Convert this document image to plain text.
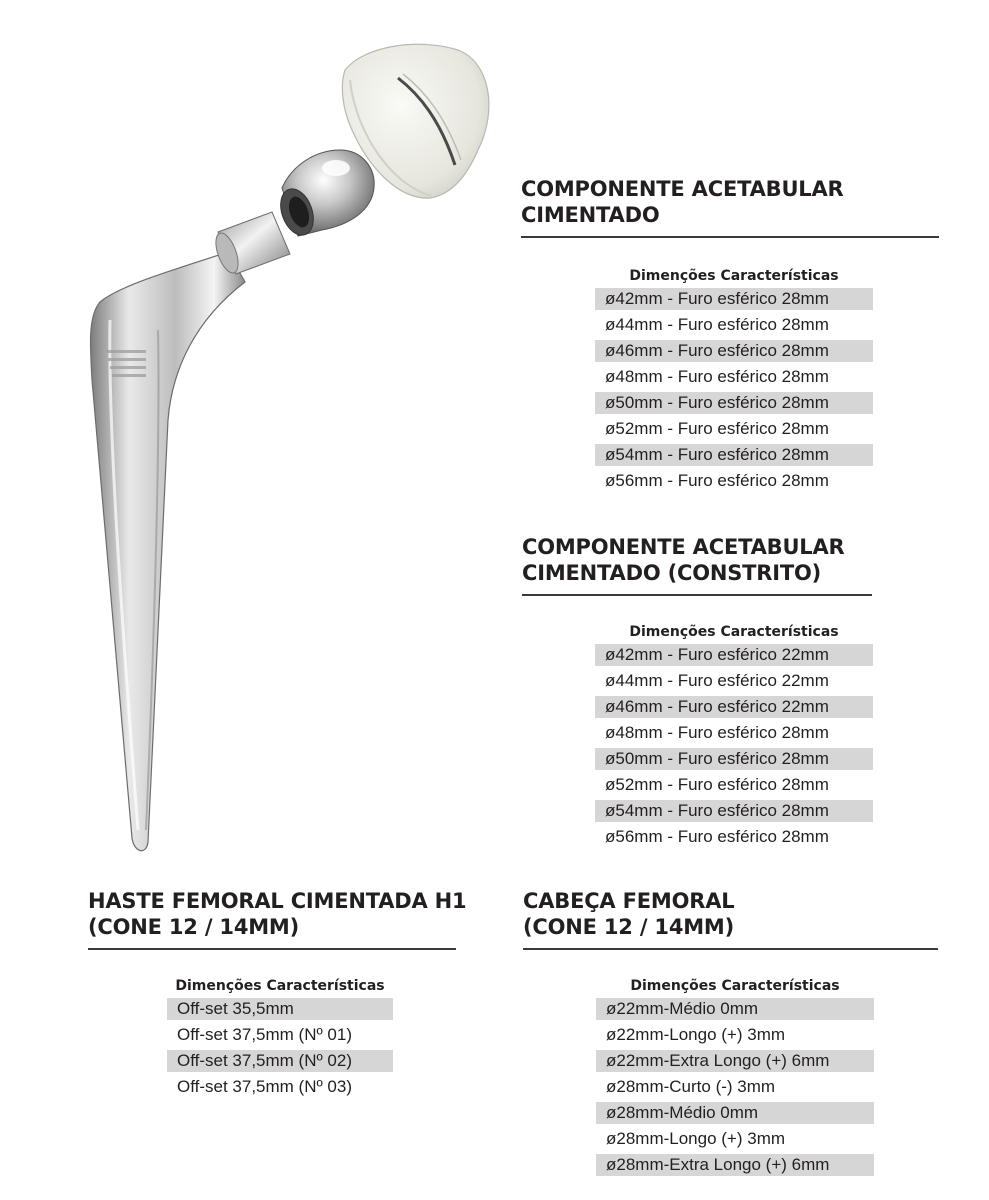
COMPONENTE ACETABULAR
CIMENTADO
Dimenções Características
ø42mm - Furo esférico 28mm
ø44mm - Furo esférico 28mm
ø46mm - Furo esférico 28mm
ø48mm - Furo esférico 28mm
ø50mm - Furo esférico 28mm
ø52mm - Furo esférico 28mm
ø54mm - Furo esférico 28mm
ø56mm - Furo esférico 28mm
COMPONENTE ACETABULAR
CIMENTADO (CONSTRITO)
Dimenções Características
ø42mm - Furo esférico 22mm
ø44mm - Furo esférico 22mm
ø46mm - Furo esférico 22mm
ø48mm - Furo esférico 28mm
ø50mm - Furo esférico 28mm
ø52mm - Furo esférico 28mm
ø54mm - Furo esférico 28mm
ø56mm - Furo esférico 28mm
HASTE FEMORAL CIMENTADA H1
(CONE 12 / 14MM)
Dimenções Características
Off-set 35,5mm
Off-set 37,5mm (Nº 01)
Off-set 37,5mm (Nº 02)
Off-set 37,5mm (Nº 03)
CABEÇA FEMORAL
(CONE 12 / 14MM)
Dimenções Características
ø22mm-Médio 0mm
ø22mm-Longo (+) 3mm
ø22mm-Extra Longo (+) 6mm
ø28mm-Curto (-) 3mm
ø28mm-Médio 0mm
ø28mm-Longo (+) 3mm
ø28mm-Extra Longo (+) 6mm
